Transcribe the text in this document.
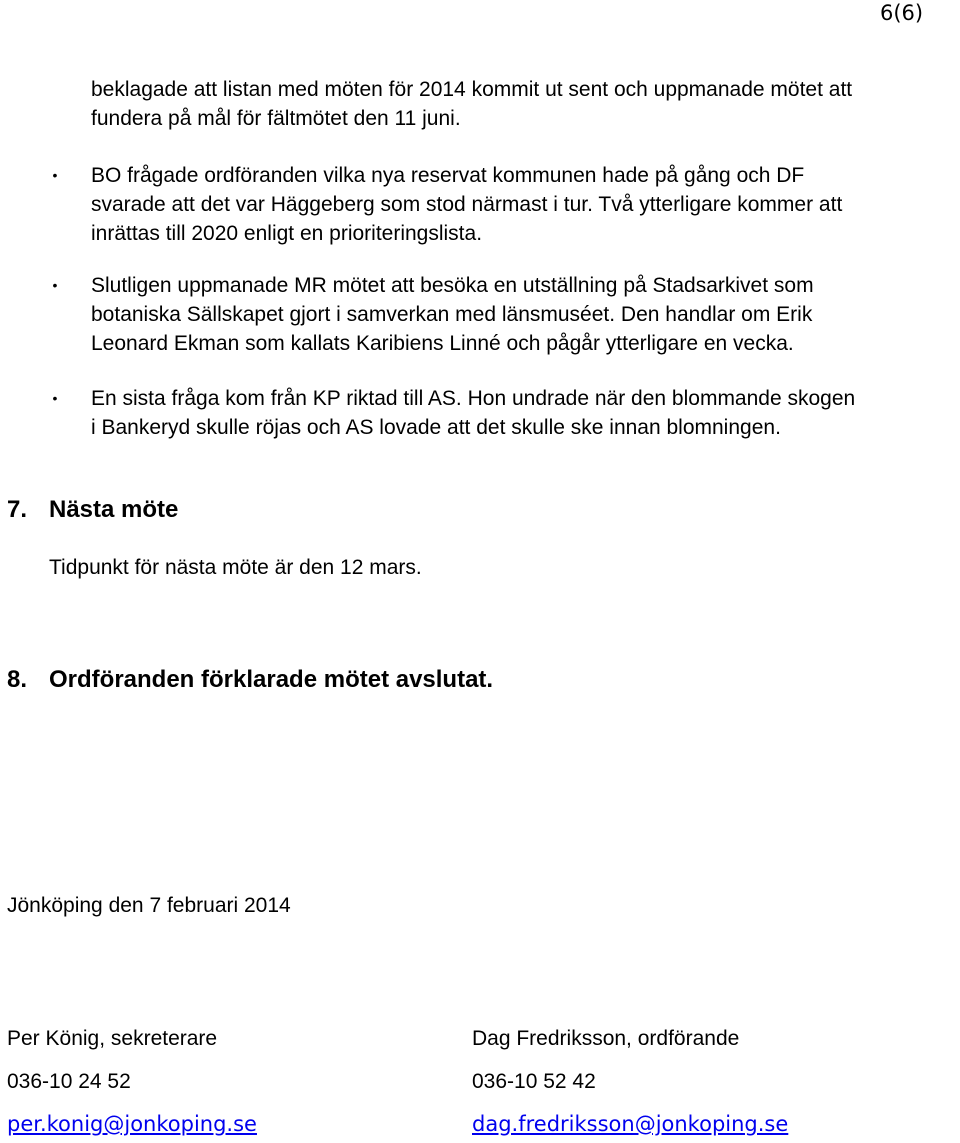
6(6)
beklagade att listan med möten för 2014 kommit ut sent och uppmanade mötet att
fundera på mål för fältmötet den 11 juni.
• BO frågade ordföranden vilka nya reservat kommunen hade på gång och DF
svarade att det var Häggeberg som stod närmast i tur. Två ytterligare kommer att
inrättas till 2020 enligt en prioriteringslista.
• Slutligen uppmanade MR mötet att besöka en utställning på Stadsarkivet som
botaniska Sällskapet gjort i samverkan med länsmuséet. Den handlar om Erik
Leonard Ekman som kallats Karibiens Linné och pågår ytterligare en vecka.
• En sista fråga kom från KP riktad till AS. Hon undrade när den blommande skogen
i Bankeryd skulle röjas och AS lovade att det skulle ske innan blomningen.
7. Nästa möte
Tidpunkt för nästa möte är den 12 mars.
8. Ordföranden förklarade mötet avslutat.
Jönköping den 7 februari 2014
Per König, sekreterare
036-10 24 52
per.konig@jonkoping.se
Dag Fredriksson, ordförande
036-10 52 42
dag.fredriksson@jonkoping.se
